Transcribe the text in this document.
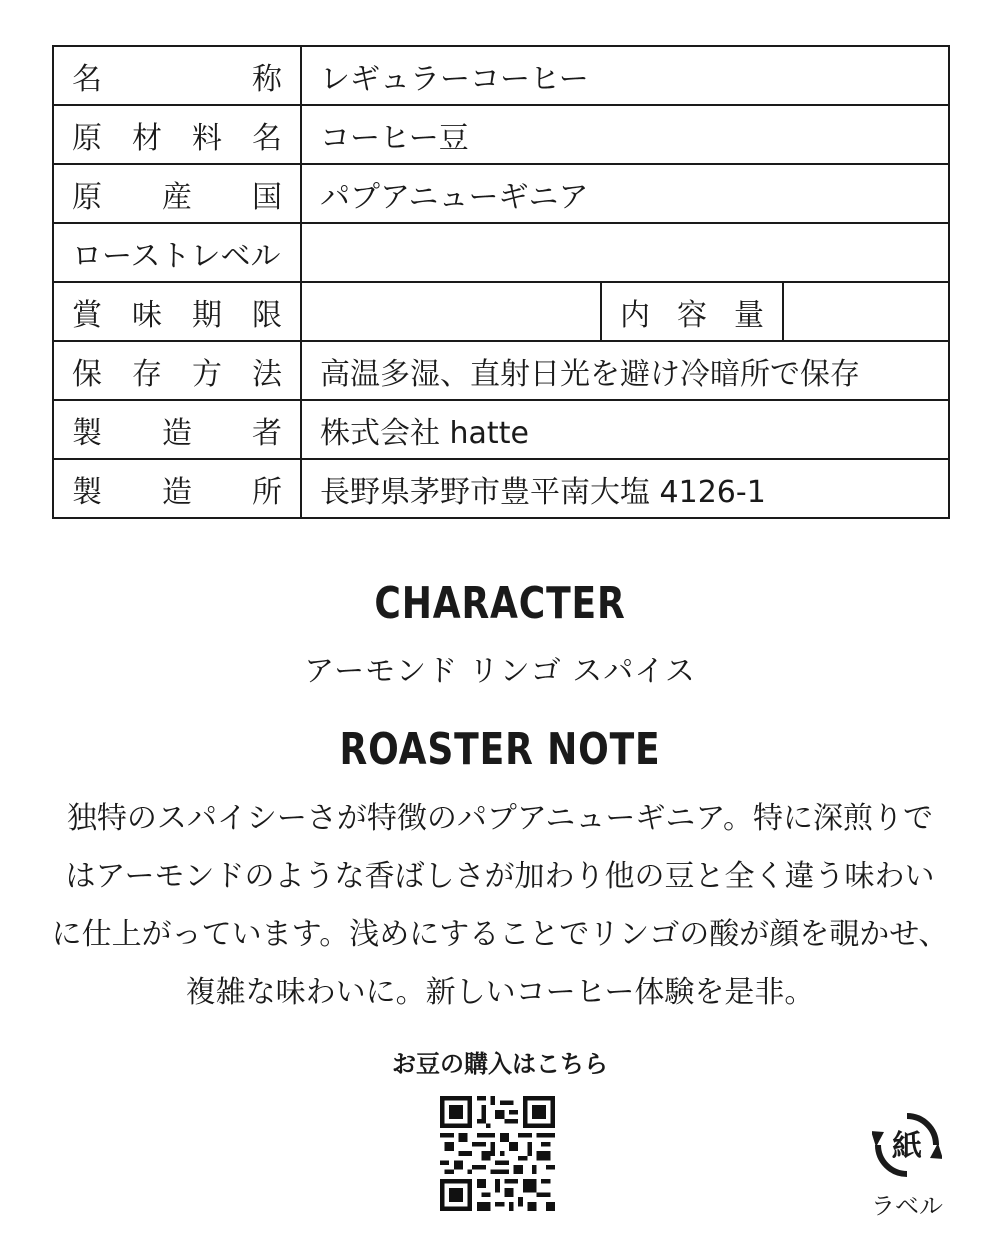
名 称	レギュラーコーヒー		

原 材 料 名	コーヒー豆		

原 産 国	パプアニューギニア		
ローストレベル			

賞 味 期 限		内 容 量	

保 存 方 法	高温多湿、直射日光を避け冷暗所で保存		

製 造 者	株式会社 hatte		

製 造 所	長野県茅野市豊平南大塩 4126-1		
CHARACTER
アーモンド リンゴ スパイス
ROASTER NOTE
独特のスパイシーさが特徴のパプアニューギニア。特に深煎りで
はアーモンドのような香ばしさが加わり他の豆と全く違う味わい
に仕上がっています。浅めにすることでリンゴの酸が顔を覗かせ、
複雑な味わいに。新しいコーヒー体験を是非。
お豆の購入はこちら
紙
ラベル
